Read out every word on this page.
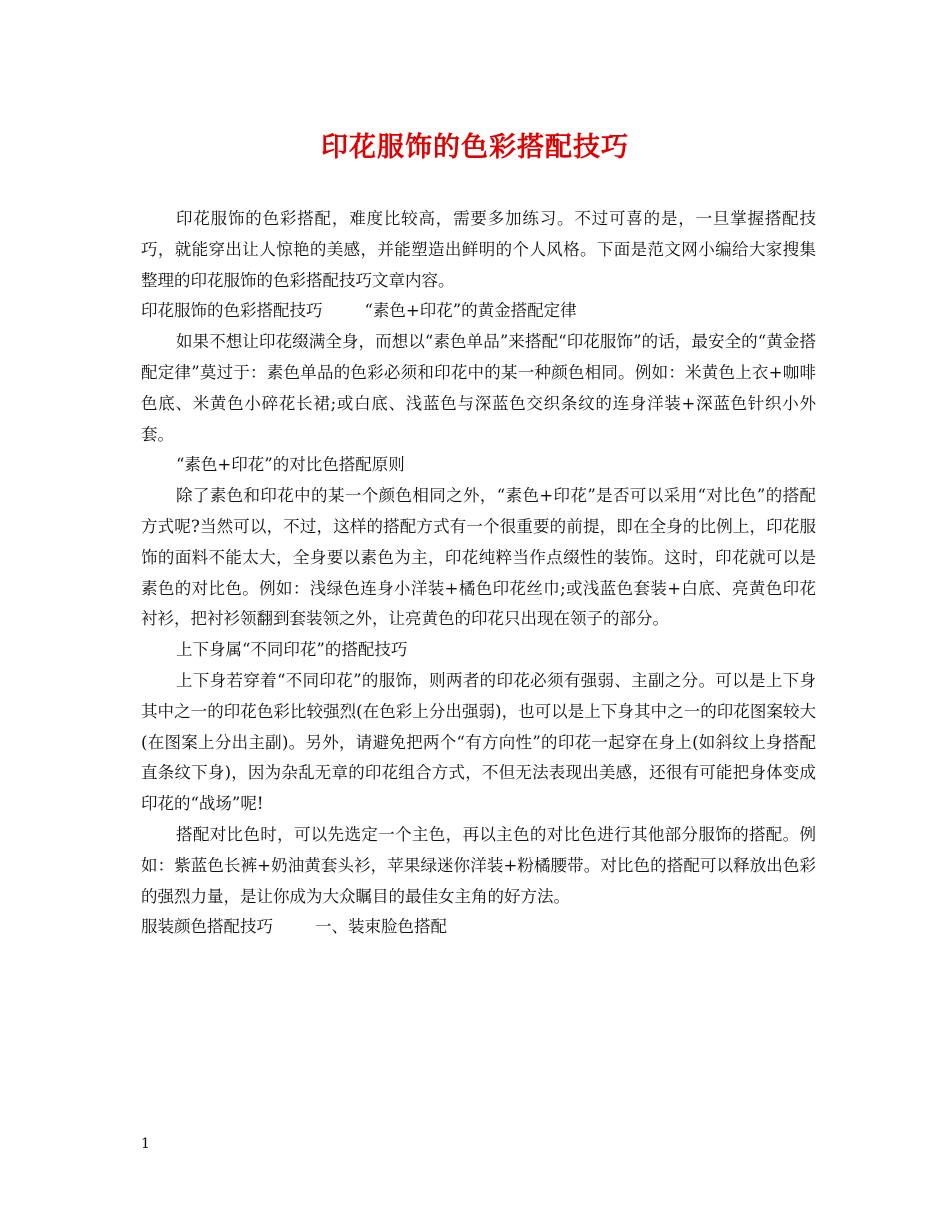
印花服饰的色彩搭配技巧

印花服饰的色彩搭配，难度比较高，需要多加练习。不过可喜的是，一旦掌握搭配技巧，就能穿出让人惊艳的美感，并能塑造出鲜明的个人风格。下面是范文网小编给大家搜集整理的印花服饰的色彩搭配技巧文章内容。

印花服饰的色彩搭配技巧        “素色+印花”的黄金搭配定律

如果不想让印花缀满全身，而想以“素色单品”来搭配“印花服饰”的话，最安全的“黄金搭配定律”莫过于：素色单品的色彩必须和印花中的某一种颜色相同。例如：米黄色上衣+咖啡色底、米黄色小碎花长裙;或白底、浅蓝色与深蓝色交织条纹的连身洋装+深蓝色针织小外套。

“素色+印花”的对比色搭配原则

除了素色和印花中的某一个颜色相同之外，“素色+印花”是否可以采用“对比色”的搭配方式呢?当然可以，不过，这样的搭配方式有一个很重要的前提，即在全身的比例上，印花服饰的面料不能太大，全身要以素色为主，印花纯粹当作点缀性的装饰。这时，印花就可以是素色的对比色。例如：浅绿色连身小洋装+橘色印花丝巾;或浅蓝色套装+白底、亮黄色印花衬衫，把衬衫领翻到套装领之外，让亮黄色的印花只出现在领子的部分。

上下身属“不同印花”的搭配技巧

上下身若穿着“不同印花”的服饰，则两者的印花必须有强弱、主副之分。可以是上下身其中之一的印花色彩比较强烈(在色彩上分出强弱)，也可以是上下身其中之一的印花图案较大(在图案上分出主副)。另外，请避免把两个“有方向性”的印花一起穿在身上(如斜纹上身搭配直条纹下身)，因为杂乱无章的印花组合方式，不但无法表现出美感，还很有可能把身体变成印花的“战场”呢!

搭配对比色时，可以先选定一个主色，再以主色的对比色进行其他部分服饰的搭配。例如：紫蓝色长裤+奶油黄套头衫，苹果绿迷你洋装+粉橘腰带。对比色的搭配可以释放出色彩的强烈力量，是让你成为大众瞩目的最佳女主角的好方法。

服装颜色搭配技巧        一、装束脸色搭配

1
